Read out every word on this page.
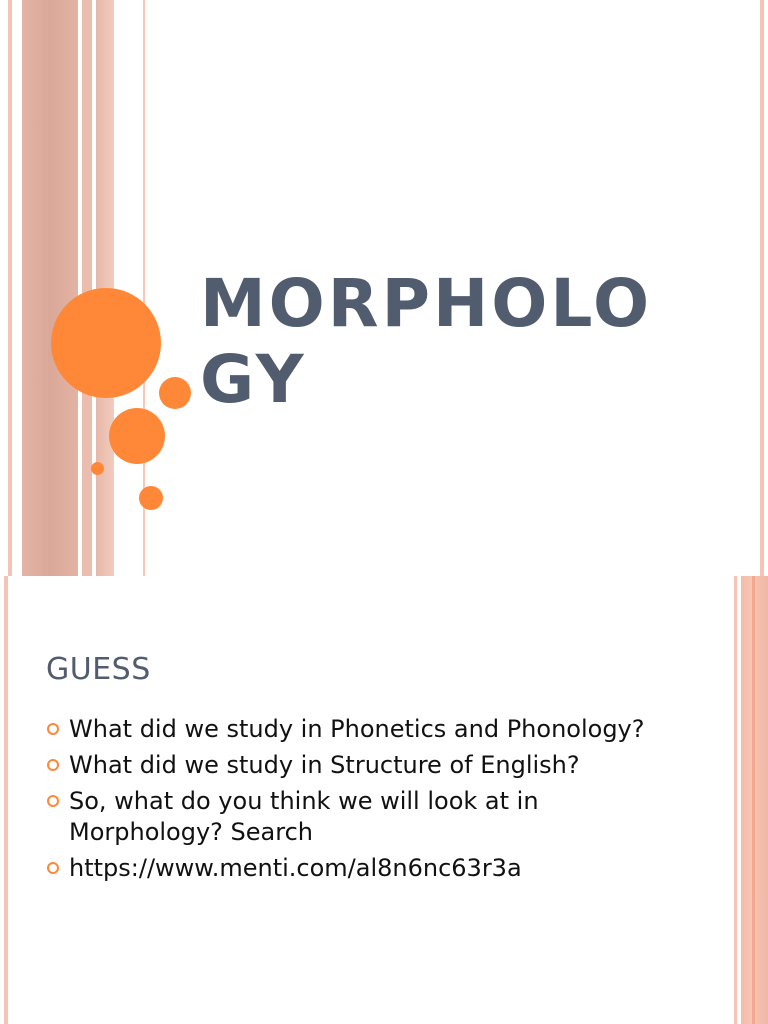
MORPHOLOGY
GUESS
What did we study in Phonetics and Phonology?
What did we study in Structure of English?
So, what do you think we will look at in Morphology? Search
https://www.menti.com/al8n6nc63r3a
